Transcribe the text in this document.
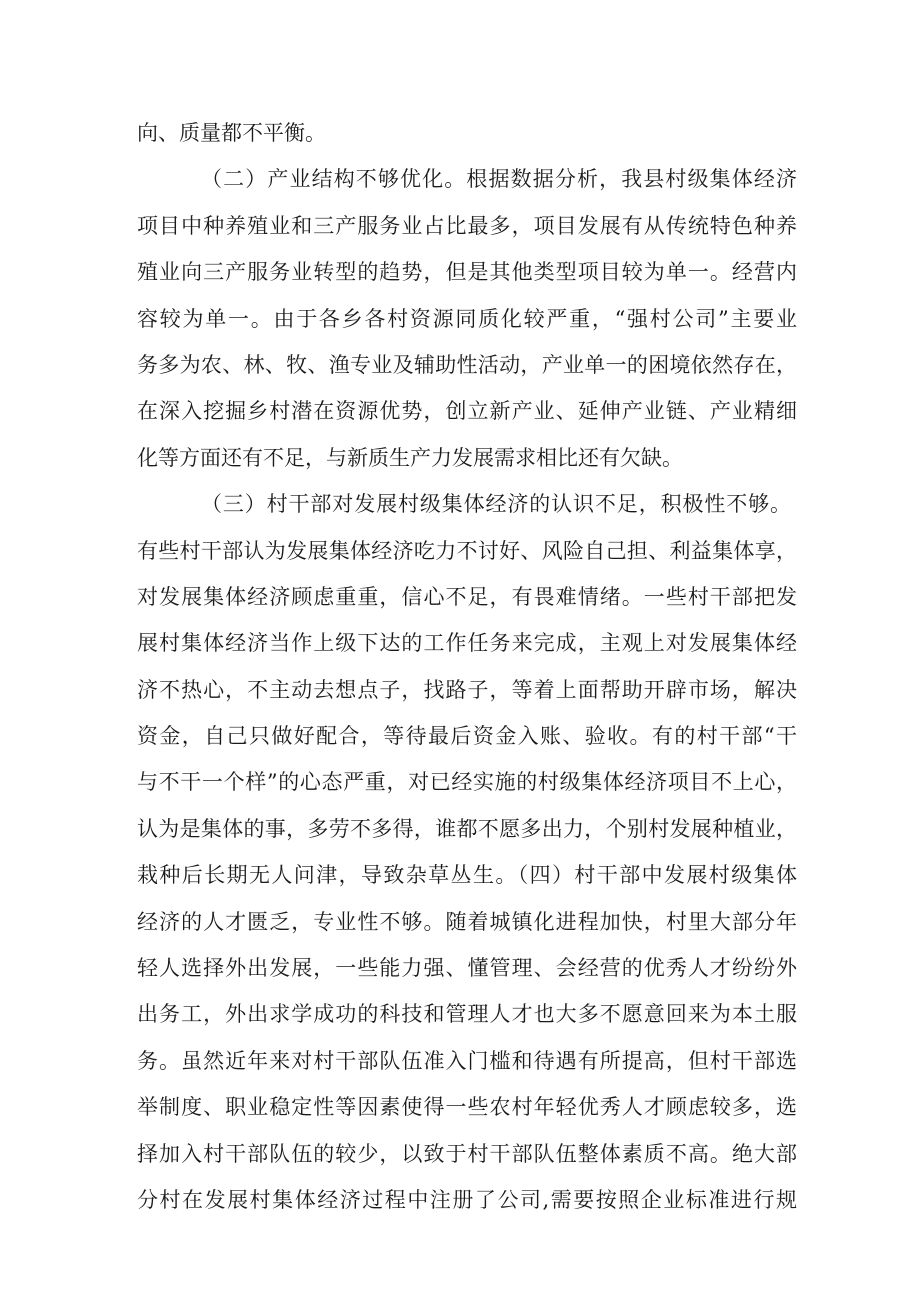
向、质量都不平衡。
（二）产业结构不够优化。根据数据分析，我县村级集体经济
项目中种养殖业和三产服务业占比最多，项目发展有从传统特色种养
殖业向三产服务业转型的趋势，但是其他类型项目较为单一。经营内
容较为单一。由于各乡各村资源同质化较严重，“强村公司”主要业
务多为农、林、牧、渔专业及辅助性活动，产业单一的困境依然存在，
在深入挖掘乡村潜在资源优势，创立新产业、延伸产业链、产业精细
化等方面还有不足，与新质生产力发展需求相比还有欠缺。
（三）村干部对发展村级集体经济的认识不足，积极性不够。
有些村干部认为发展集体经济吃力不讨好、风险自己担、利益集体享，
对发展集体经济顾虑重重，信心不足，有畏难情绪。一些村干部把发
展村集体经济当作上级下达的工作任务来完成，主观上对发展集体经
济不热心，不主动去想点子，找路子，等着上面帮助开辟市场，解决
资金，自己只做好配合，等待最后资金入账、验收。有的村干部“干
与不干一个样”的心态严重，对已经实施的村级集体经济项目不上心，
认为是集体的事，多劳不多得，谁都不愿多出力，个别村发展种植业，
栽种后长期无人问津，导致杂草丛生。（四）村干部中发展村级集体
经济的人才匮乏，专业性不够。随着城镇化进程加快，村里大部分年
轻人选择外出发展，一些能力强、懂管理、会经营的优秀人才纷纷外
出务工，外出求学成功的科技和管理人才也大多不愿意回来为本土服
务。虽然近年来对村干部队伍准入门槛和待遇有所提高，但村干部选
举制度、职业稳定性等因素使得一些农村年轻优秀人才顾虑较多，选
择加入村干部队伍的较少，以致于村干部队伍整体素质不高。绝大部
分村在发展村集体经济过程中注册了公司,需要按照企业标准进行规
